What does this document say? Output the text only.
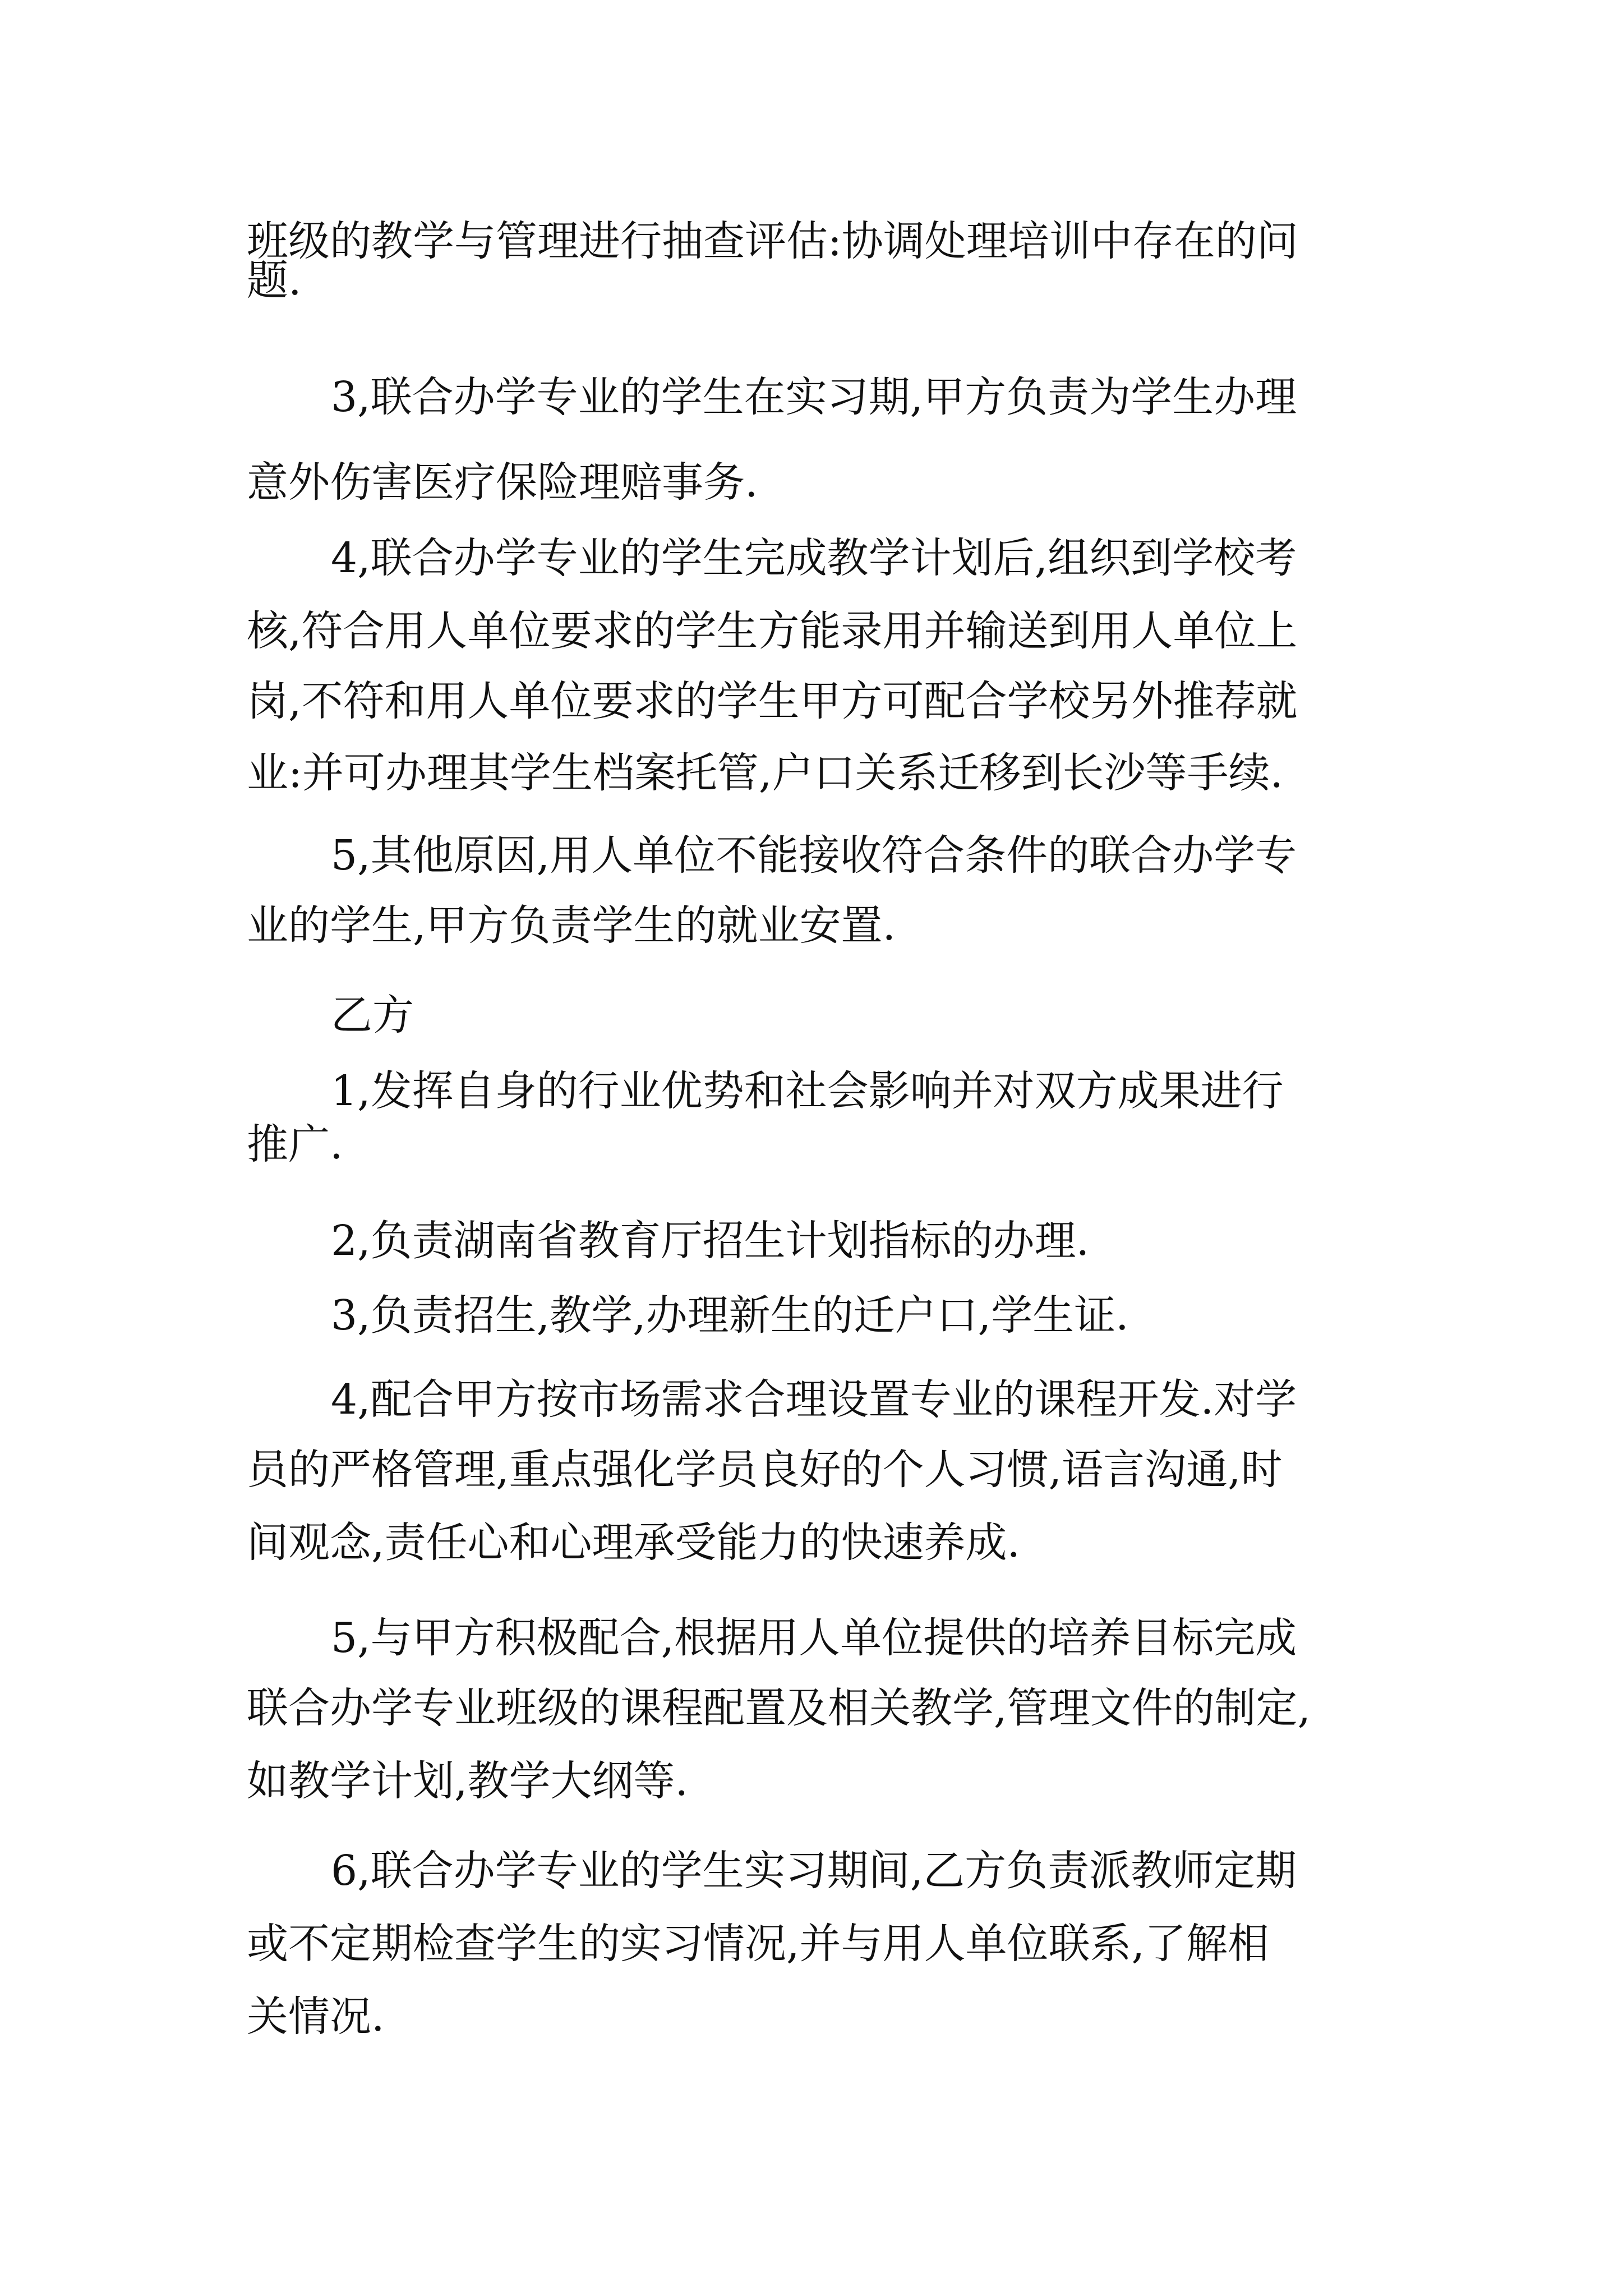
班级的教学与管理进行抽查评估:协调处理培训中存在的问
题.
3,联合办学专业的学生在实习期,甲方负责为学生办理
意外伤害医疗保险理赔事务.
4,联合办学专业的学生完成教学计划后,组织到学校考
核,符合用人单位要求的学生方能录用并输送到用人单位上
岗,不符和用人单位要求的学生甲方可配合学校另外推荐就
业:并可办理其学生档案托管,户口关系迁移到长沙等手续.
5,其他原因,用人单位不能接收符合条件的联合办学专
业的学生,甲方负责学生的就业安置.
乙方
1,发挥自身的行业优势和社会影响并对双方成果进行
推广.
2,负责湖南省教育厅招生计划指标的办理.
3,负责招生,教学,办理新生的迁户口,学生证.
4,配合甲方按市场需求合理设置专业的课程开发.对学
员的严格管理,重点强化学员良好的个人习惯,语言沟通,时
间观念,责任心和心理承受能力的快速养成.
5,与甲方积极配合,根据用人单位提供的培养目标完成
联合办学专业班级的课程配置及相关教学,管理文件的制定,
如教学计划,教学大纲等.
6,联合办学专业的学生实习期间,乙方负责派教师定期
或不定期检查学生的实习情况,并与用人单位联系,了解相
关情况.
